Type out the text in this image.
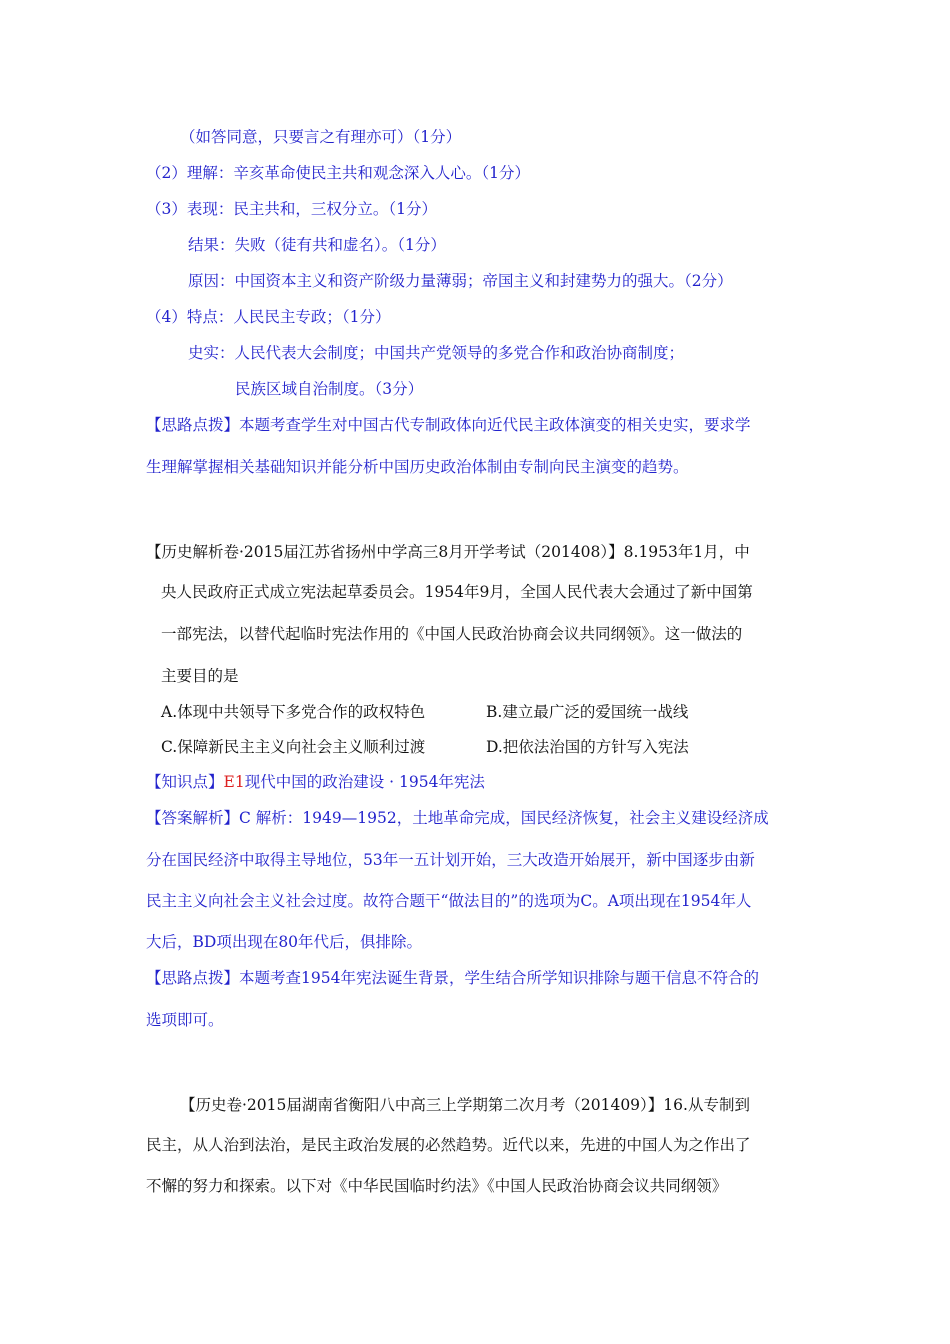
（如答同意，只要言之有理亦可）（1分）
（2）理解：辛亥革命使民主共和观念深入人心。（1分）
（3）表现：民主共和，三权分立。（1分）
结果：失败（徒有共和虚名）。（1分）
原因：中国资本主义和资产阶级力量薄弱；帝国主义和封建势力的强大。（2分）
（4）特点：人民民主专政；（1分）
史实：人民代表大会制度；中国共产党领导的多党合作和政治协商制度；
民族区域自治制度。（3分）
【思路点拨】本题考查学生对中国古代专制政体向近代民主政体演变的相关史实，要求学
生理解掌握相关基础知识并能分析中国历史政治体制由专制向民主演变的趋势。
【历史解析卷·2015届江苏省扬州中学高三8月开学考试（201408）】8.1953年1月，中
央人民政府正式成立宪法起草委员会。1954年9月，全国人民代表大会通过了新中国第
一部宪法，以替代起临时宪法作用的《中国人民政治协商会议共同纲领》。这一做法的
主要目的是
A.体现中共领导下多党合作的政权特色	B.建立最广泛的爱国统一战线
C.保障新民主主义向社会主义顺利过渡	D.把依法治国的方针写入宪法
【知识点】E1现代中国的政治建设 · 1954年宪法
【答案解析】C 解析：1949—1952，土地革命完成，国民经济恢复，社会主义建设经济成
分在国民经济中取得主导地位，53年一五计划开始，三大改造开始展开，新中国逐步由新
民主主义向社会主义社会过度。故符合题干“做法目的”的选项为C。A项出现在1954年人
大后，BD项出现在80年代后，俱排除。
【思路点拨】本题考查1954年宪法诞生背景，学生结合所学知识排除与题干信息不符合的
选项即可。
【历史卷·2015届湖南省衡阳八中高三上学期第二次月考（201409）】16.从专制到
民主，从人治到法治，是民主政治发展的必然趋势。近代以来，先进的中国人为之作出了
不懈的努力和探索。以下对《中华民国临时约法》《中国人民政治协商会议共同纲领》
